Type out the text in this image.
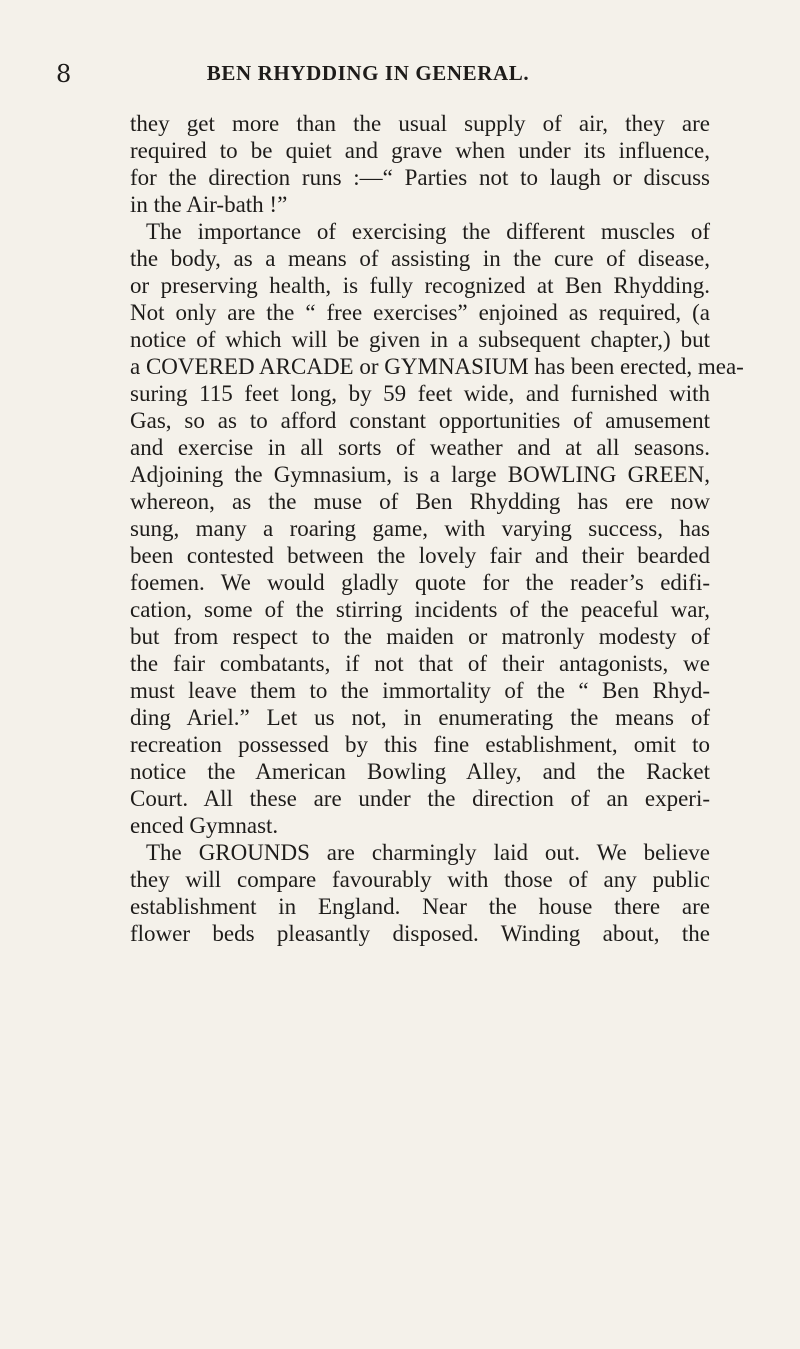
8	BEN RHYDDING IN GENERAL.
they get more than the usual supply of air, they are
required to be quiet and grave when under its influence,
for the direction runs :—“ Parties not to laugh or discuss
in the Air-bath !”
The importance of exercising the different muscles of
the body, as a means of assisting in the cure of disease,
or preserving health, is fully recognized at Ben Rhydding.
Not only are the “ free exercises” enjoined as required, (a
notice of which will be given in a subsequent chapter,) but
a COVERED ARCADE or GYMNASIUM has been erected, mea-
suring 115 feet long, by 59 feet wide, and furnished with
Gas, so as to afford constant opportunities of amusement
and exercise in all sorts of weather and at all seasons.
Adjoining the Gymnasium, is a large BOWLING GREEN,
whereon, as the muse of Ben Rhydding has ere now
sung, many a roaring game, with varying success, has
been contested between the lovely fair and their bearded
foemen. We would gladly quote for the reader’s edifi-
cation, some of the stirring incidents of the peaceful war,
but from respect to the maiden or matronly modesty of
the fair combatants, if not that of their antagonists, we
must leave them to the immortality of the “ Ben Rhyd-
ding Ariel.” Let us not, in enumerating the means of
recreation possessed by this fine establishment, omit to
notice the American Bowling Alley, and the Racket
Court. All these are under the direction of an experi-
enced Gymnast.
The GROUNDS are charmingly laid out. We believe
they will compare favourably with those of any public
establishment in England. Near the house there are
flower beds pleasantly disposed. Winding about, the
